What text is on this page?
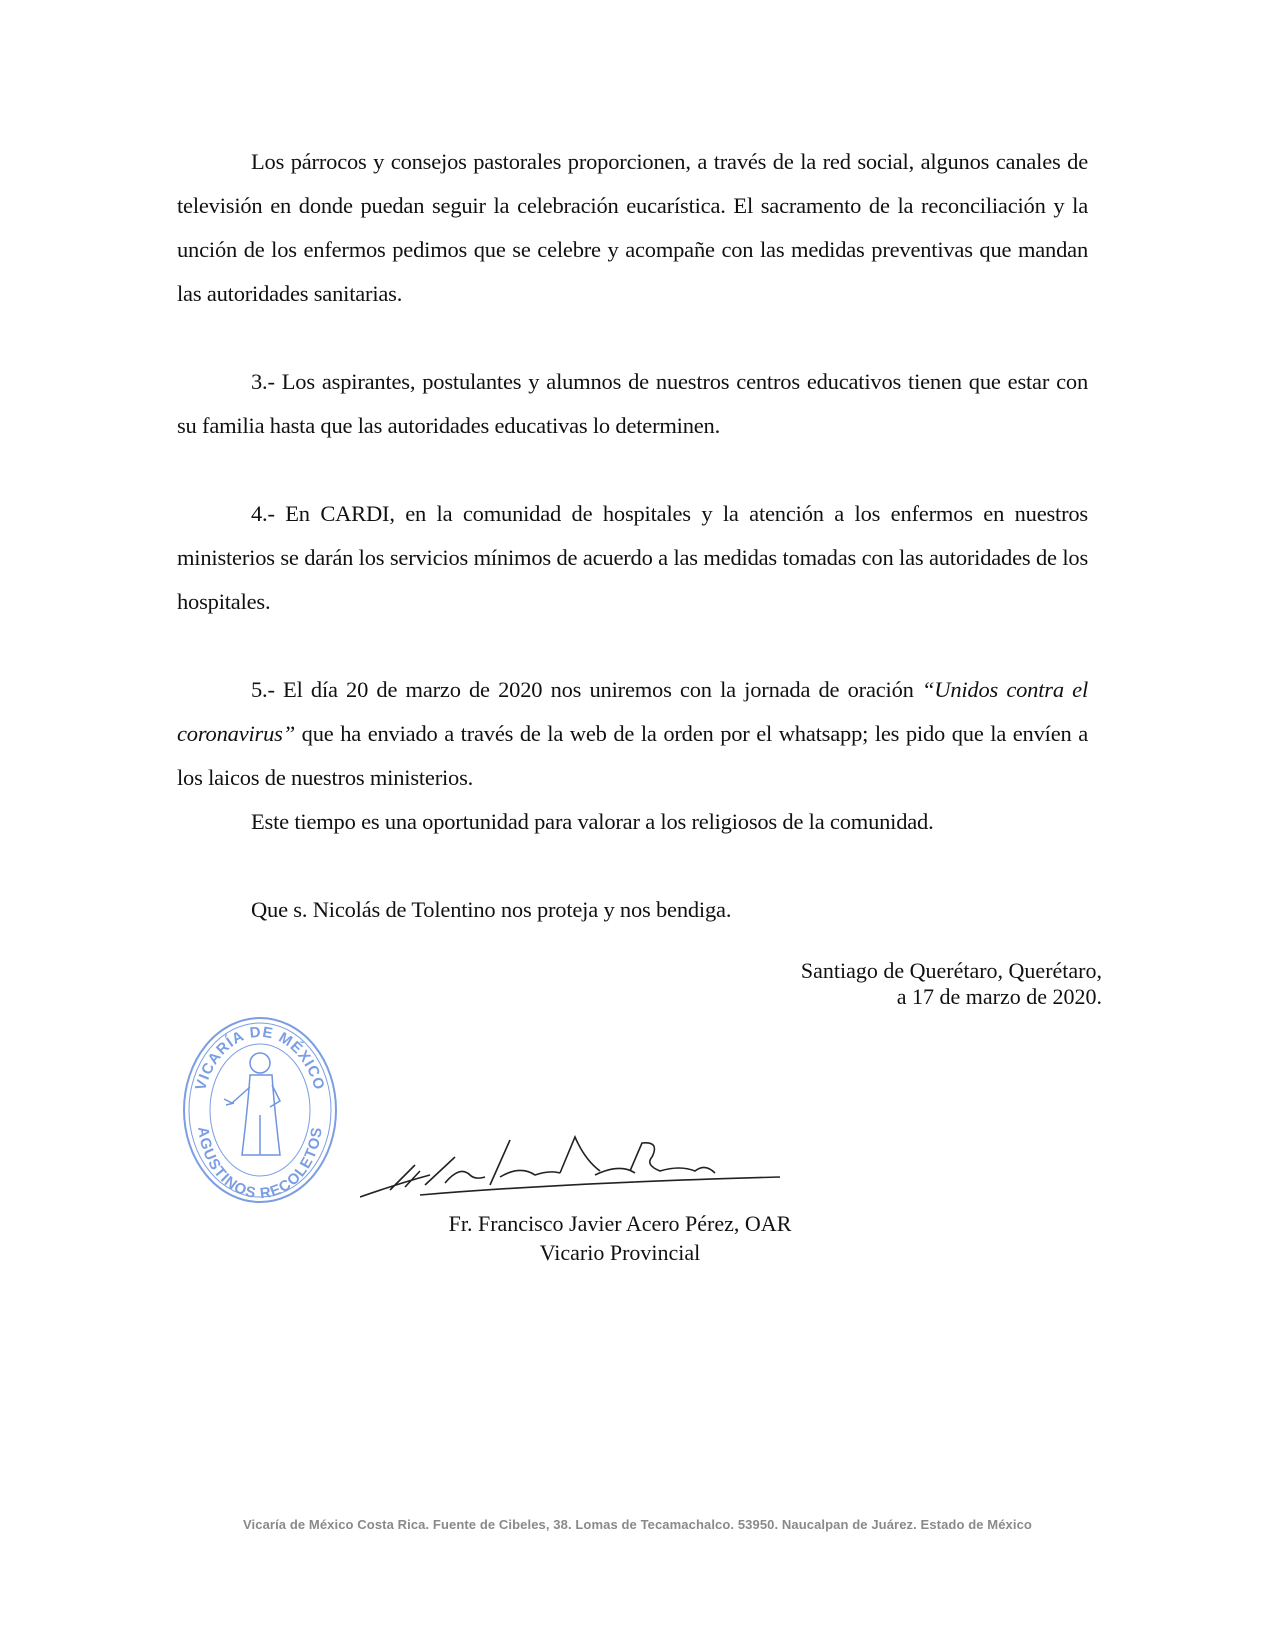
Los párrocos y consejos pastorales proporcionen, a través de la red social, algunos canales de televisión en donde puedan seguir la celebración eucarística. El sacramento de la reconciliación y la unción de los enfermos pedimos que se celebre y acompañe con las medidas preventivas que mandan las autoridades sanitarias.

3.- Los aspirantes, postulantes y alumnos de nuestros centros educativos tienen que estar con su familia hasta que las autoridades educativas lo determinen.

4.- En CARDI, en la comunidad de hospitales y la atención a los enfermos en nuestros ministerios se darán los servicios mínimos de acuerdo a las medidas tomadas con las autoridades de los hospitales.

5.- El día 20 de marzo de 2020 nos uniremos con la jornada de oración “Unidos contra el coronavirus” que ha enviado a través de la web de la orden por el whatsapp; les pido que la envíen a los laicos de nuestros ministerios.

Este tiempo es una oportunidad para valorar a los religiosos de la comunidad.

Que s. Nicolás de Tolentino nos proteja y nos bendiga.

Santiago de Querétaro, Querétaro,
a 17 de marzo de 2020.
VICARÍA DE MÉXICO
AGUSTINOS RECOLETOS
Fr. Francisco Javier Acero Pérez, OAR
Vicario Provincial
Vicaría de México Costa Rica. Fuente de Cibeles, 38. Lomas de Tecamachalco. 53950. Naucalpan de Juárez. Estado de México
